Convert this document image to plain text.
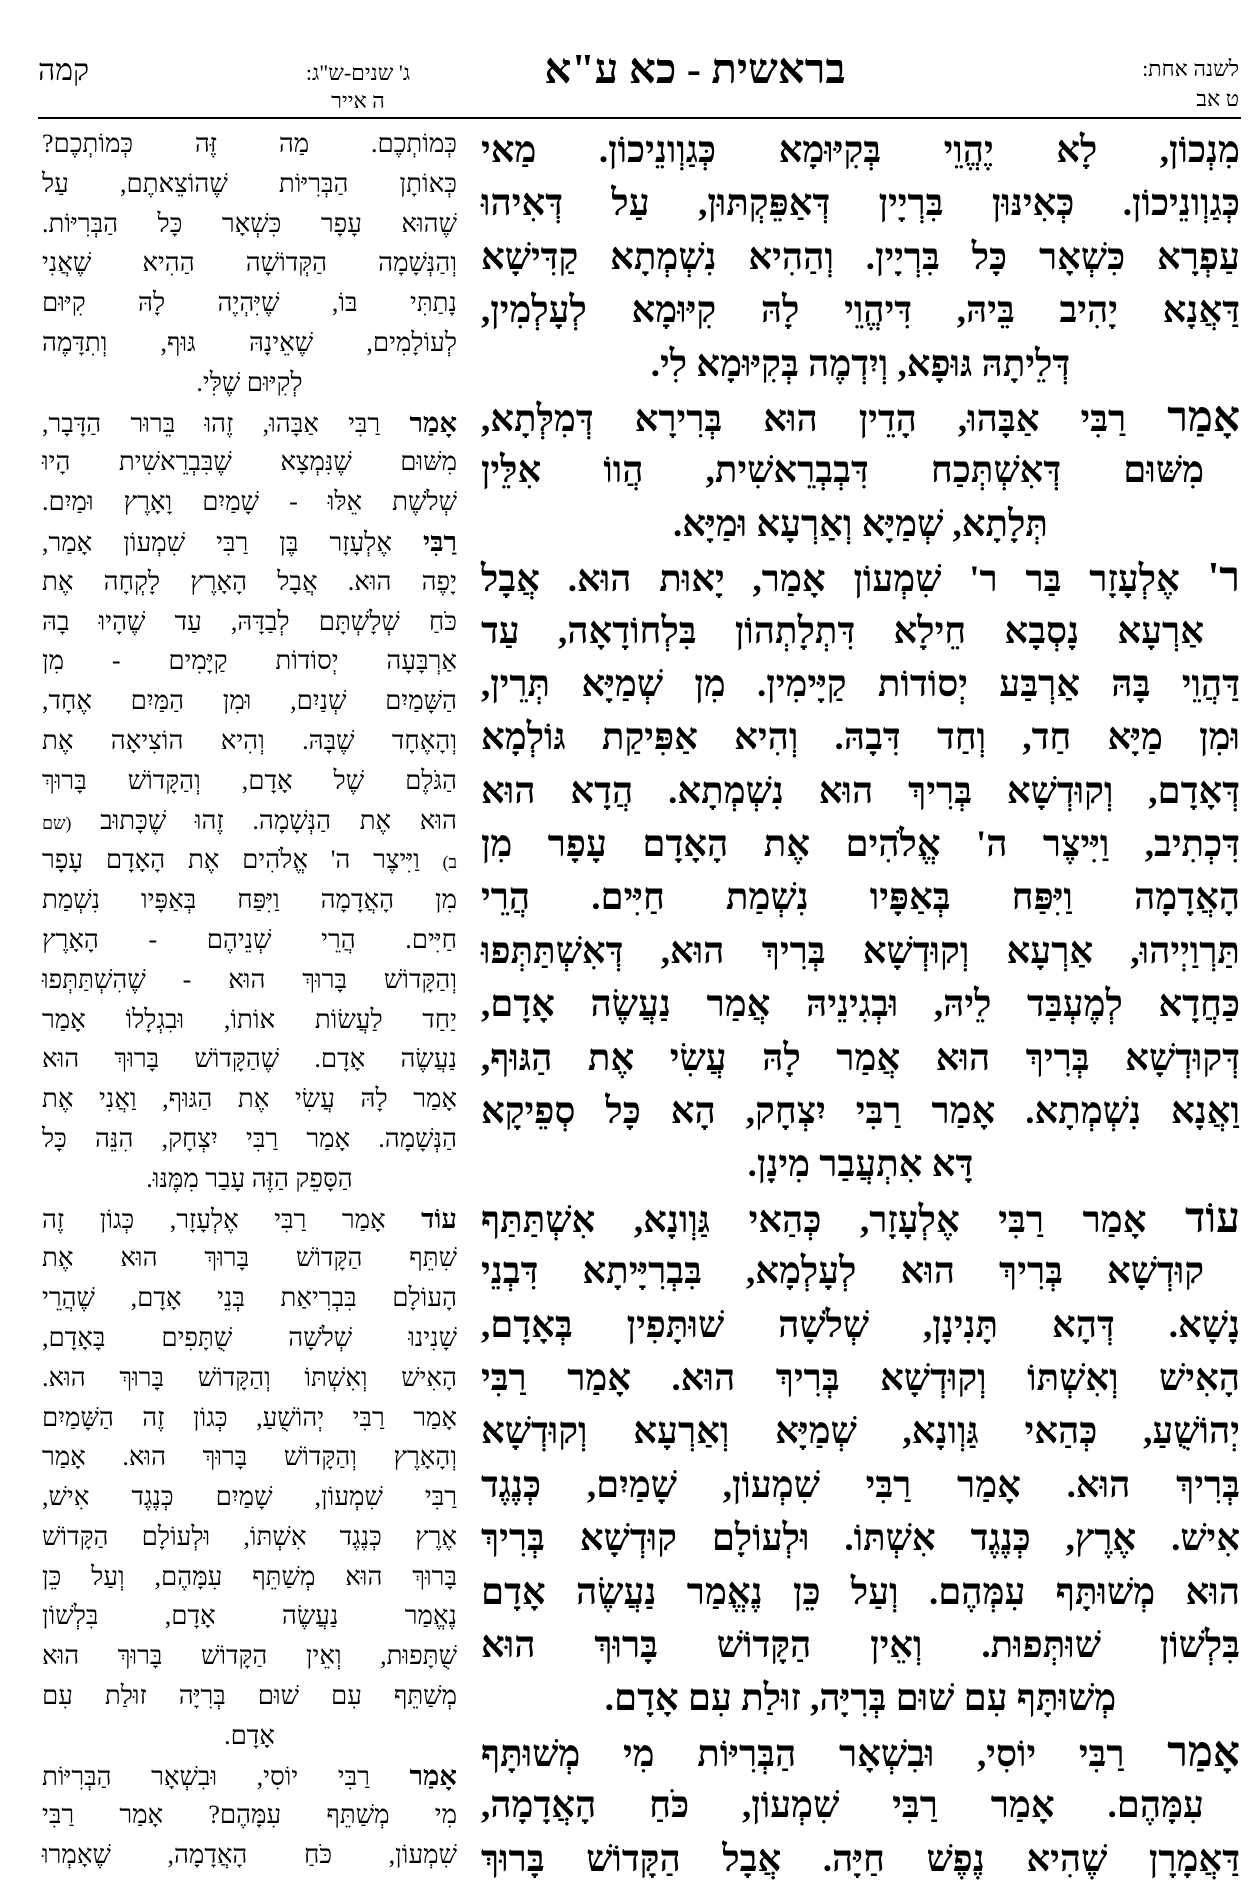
קמה	ג' שנים-ש"ג:
ה אייר
בראשית - כא ע"א	לשנה אחת:
ט אב
מִנְכוֹן, לָא יֶהֱוֵי בְּקִיּוּמָא כְּגַוְונֵיכוֹן. מַאי
כְּגַוְונֵיכוֹן. כְּאִינּוּן בִּרְיָין דְּאַפֵּקְתּוּן, עַל דְּאִיהוּ
עַפְרָא כִּשְׁאָר כָּל בִּרְיָין. וְהַהִיא נִשְׁמְתָא קַדִּישָׁא
דַּאֲנָא יָהִיב בֵּיהּ, דִּיהֱוֵי לָהּ קִיּוּמָא לְעָלְמִין,
דְּלֵיתָהּ גּוּפָא, וְיִדְמֶה בְּקִיּוּמָא לִי.
אָמַר רַבִּי אַבָּהוּ, הָדֵין הוּא בְּרִירָא דְּמִלְּתָא,
מִשּׁוּם דְּאִשְׁתְּכַח דִּבְבְרֵאשִׁית, הֲווֹ אִלֵּין
תְּלָתָא, שְׁמַיָּא וְאַרְעָא וּמַיָּא.
ר' אֶלְעָזָר בַּר ר' שִׁמְעוֹן אָמַר, יָאוּת הוּא. אֲבָל
אַרְעָא נָסְבָא חֵילָא דִּתְלָתְהוֹן בִּלְחוֹדָאָה, עַד
דַּהֲוֵי בָּהּ אַרְבַּע יְסוֹדוֹת קַיָּימִין. מִן שְׁמַיָּא תְּרֵין,
וּמִן מַיָּא חַד, וְחַד דִּבָהּ. וְהִיא אַפִּיקַת גּוֹלְמָא
דְּאָדָם, וְקוּדְשָׁא בְּרִיךְ הוּא נִשְׁמְתָא. הֲדָא הוּא
דִּכְתִיב, וַיִּיצֶר ה' אֱלֹהִים אֶת הָאָדָם עָפָר מִן
הָאֲדָמָה וַיִּפַּח בְּאַפָּיו נִשְׁמַת חַיִּים. הֲרֵי
תַּרְוַיְיהוּ, אַרְעָא וְקוּדְשָׁא בְּרִיךְ הוּא, דְּאִשְׁתַּתְּפוּ
כַּחֲדָא לְמֶעְבַּד לֵיהּ, וּבְגִינֵיהּ אֲמַר נַעֲשֶׂה אָדָם,
דְּקוּדְשָׁא בְּרִיךְ הוּא אֲמַר לָהּ עֲשִׂי אֶת הַגּוּף,
וַאֲנָא נִשְׁמְתָא. אָמַר רַבִּי יִצְחָק, הָא כָּל סְפֵיקָא
דָּא אִתְעֲבַר מִינָן.
עוֹד אָמַר רַבִּי אֶלְעָזָר, כְּהַאי גַּוְונָא, אִשְׁתַּתַּף
קוּדְשָׁא בְּרִיךְ הוּא לְעָלְמָא, בִּבְרִיָּיתָא דִּבְנֵי
נָשָׁא. דְּהָא תָּנִינָן, שְׁלֹשָׁה שׁוּתָּפִין בְּאָדָם,
הָאִישׁ וְאִשְׁתּוֹ וְקוּדְשָׁא בְּרִיךְ הוּא. אָמַר רַבִּי
יְהוֹשֻׁעַ, כְּהַאי גַּוְונָא, שְׁמַיָּא וְאַרְעָא וְקוּדְשָׁא
בְּרִיךְ הוּא. אָמַר רַבִּי שִׁמְעוֹן, שָׁמַיִם, כְּנֶגֶד
אִישׁ. אֶרֶץ, כְּנֶגֶד אִשְׁתּוֹ. וּלְעוֹלָם קוּדְשָׁא בְּרִיךְ
הוּא מְשׁוּתָּף עִמְּהֶם. וְעַל כֵּן נֶאֱמַר נַעֲשֶׂה אָדָם
בִּלְשׁוֹן שׁוּתְּפוּת. וְאֵין הַקָּדוֹשׁ בָּרוּךְ הוּא
מְשׁוּתָּף עִם שׁוּם בְּרִיָּה, זוּלַת עִם אָדָם.
אָמַר רַבִּי יוֹסִי, וּבִשְׁאָר הַבְּרִיּוֹת מִי מְשׁוּתָּף
עִמָּהֶם. אָמַר רַבִּי שִׁמְעוֹן, כֹּחַ הָאֲדָמָה,
דַּאֲמָרָן שֶׁהִיא נֶפֶשׁ חַיָּה. אֲבָל הַקָּדוֹשׁ בָּרוּךְ
כְּמוֹתְכֶם. מַה זֶּה כְּמוֹתְכֶם?
כְּאוֹתָן הַבְּרִיּוֹת שֶׁהוֹצֵאתֶם, עַל
שֶׁהוּא עָפָר כִּשְׁאָר כָּל הַבְּרִיּוֹת.
וְהַנְּשָׁמָה הַקְּדוֹשָׁה הַהִיא שֶׁאֲנִי
נָתַתִּי בּוֹ, שֶׁיִּהְיֶה לָהּ קִיּוּם
לְעוֹלָמִים, שֶׁאֵינָהּ גּוּף, וְתִדָּמֶה
לְקִיּוּם שֶׁלִּי.
אָמַר רַבִּי אַבָּהוּ, זֶהוּ בֵּרוּר הַדָּבָר,
מִשּׁוּם שֶׁנִּמְצָא שֶׁבִּבְרֵאשִׁית הָיוּ
שְׁלֹשֶׁת אֵלּוּ - שָׁמַיִם וָאָרֶץ וּמַיִם.
רַבִּי אֶלְעָזָר בֶּן רַבִּי שִׁמְעוֹן אָמַר,
יָפֶה הוּא. אֲבָל הָאָרֶץ לָקְחָה אֶת
כֹּחַ שְׁלָשְׁתָּם לְבַדָּהּ, עַד שֶׁהָיוּ בָהּ
אַרְבָּעָה יְסוֹדוֹת קַיָּמִים - מִן
הַשָּׁמַיִם שְׁנַיִם, וּמִן הַמַּיִם אֶחָד,
וְהָאֶחָד שֶׁבָּהּ. וְהִיא הוֹצִיאָה אֶת
הַגֹּלֶם שֶׁל אָדָם, וְהַקָּדוֹשׁ בָּרוּךְ
הוּא אֶת הַנְּשָׁמָה. זֶהוּ שֶׁכָּתוּב (שם
ב) וַיִּיצֶר ה' אֱלֹהִים אֶת הָאָדָם עָפָר
מִן הָאֲדָמָה וַיִּפַּח בְּאַפָּיו נִשְׁמַת
חַיִּים. הֲרֵי שְׁנֵיהֶם - הָאָרֶץ
וְהַקָּדוֹשׁ בָּרוּךְ הוּא - שֶׁהִשְׁתַּתְּפוּ
יַחַד לַעֲשׂוֹת אוֹתוֹ, וּבִגְלָלוֹ אָמַר
נַעֲשֶׂה אָדָם. שֶׁהַקָּדוֹשׁ בָּרוּךְ הוּא
אָמַר לָהּ עֲשִׂי אֶת הַגּוּף, וַאֲנִי אֶת
הַנְּשָׁמָה. אָמַר רַבִּי יִצְחָק, הִנֵּה כָּל
הַסָּפֵק הַזֶּה עָבַר מִמֶּנּוּ.
עוֹד אָמַר רַבִּי אֶלְעָזָר, כְּגוֹן זֶה
שִׁתֵּף הַקָּדוֹשׁ בָּרוּךְ הוּא אֶת
הָעוֹלָם בִּבְרִיאַת בְּנֵי אָדָם, שֶׁהֲרֵי
שָׁנִינוּ שְׁלֹשָׁה שֻׁתָּפִים בָּאָדָם,
הָאִישׁ וְאִשְׁתּוֹ וְהַקָּדוֹשׁ בָּרוּךְ הוּא.
אָמַר רַבִּי יְהוֹשֻׁעַ, כְּגוֹן זֶה הַשָּׁמַיִם
וְהָאָרֶץ וְהַקָּדוֹשׁ בָּרוּךְ הוּא. אָמַר
רַבִּי שִׁמְעוֹן, שָׁמַיִם כְּנֶגֶד אִישׁ,
אֶרֶץ כְּנֶגֶד אִשְׁתּוֹ, וּלְעוֹלָם הַקָּדוֹשׁ
בָּרוּךְ הוּא מְשַׁתֵּף עִמָּהֶם, וְעַל כֵּן
נֶאֱמַר נַעֲשֶׂה אָדָם, בִּלְשׁוֹן
שֻׁתָּפוּת, וְאֵין הַקָּדוֹשׁ בָּרוּךְ הוּא
מְשַׁתֵּף עִם שׁוּם בְּרִיָּה זוּלַת עִם
אָדָם.
אָמַר רַבִּי יוֹסִי, וּבִשְׁאָר הַבְּרִיּוֹת
מִי מְשַׁתֵּף עִמָּהֶם? אָמַר רַבִּי
שִׁמְעוֹן, כֹּחַ הָאֲדָמָה, שֶׁאָמְרוּ
